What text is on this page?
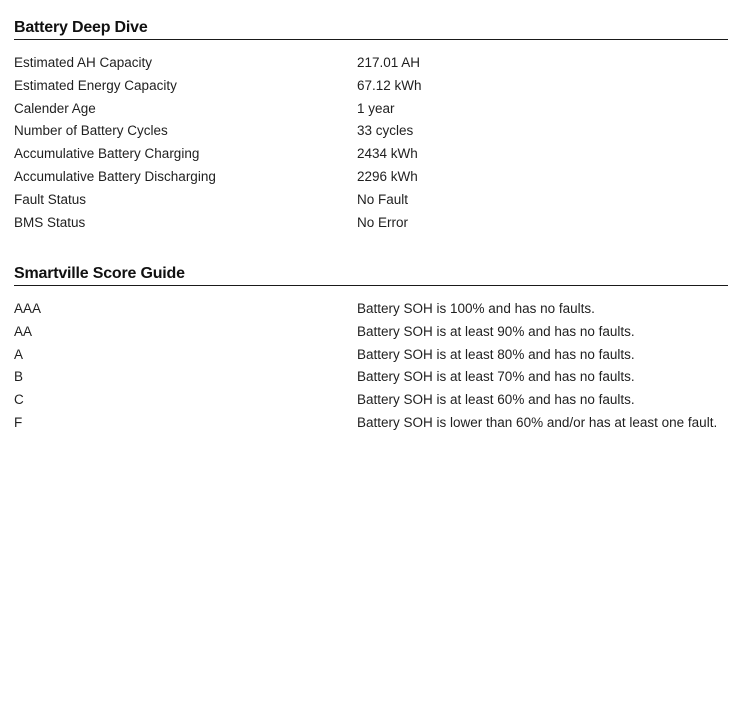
Battery Deep Dive
Estimated AH Capacity	217.01 AH
Estimated Energy Capacity	67.12 kWh
Calender Age	1 year
Number of Battery Cycles	33 cycles
Accumulative Battery Charging	2434 kWh
Accumulative Battery Discharging	2296 kWh
Fault Status	No Fault
BMS Status	No Error
Smartville Score Guide
AAA	Battery SOH is 100% and has no faults.
AA	Battery SOH is at least 90% and has no faults.
A	Battery SOH is at least 80% and has no faults.
B	Battery SOH is at least 70% and has no faults.
C	Battery SOH is at least 60% and has no faults.
F	Battery SOH is lower than 60% and/or has at least one fault.
